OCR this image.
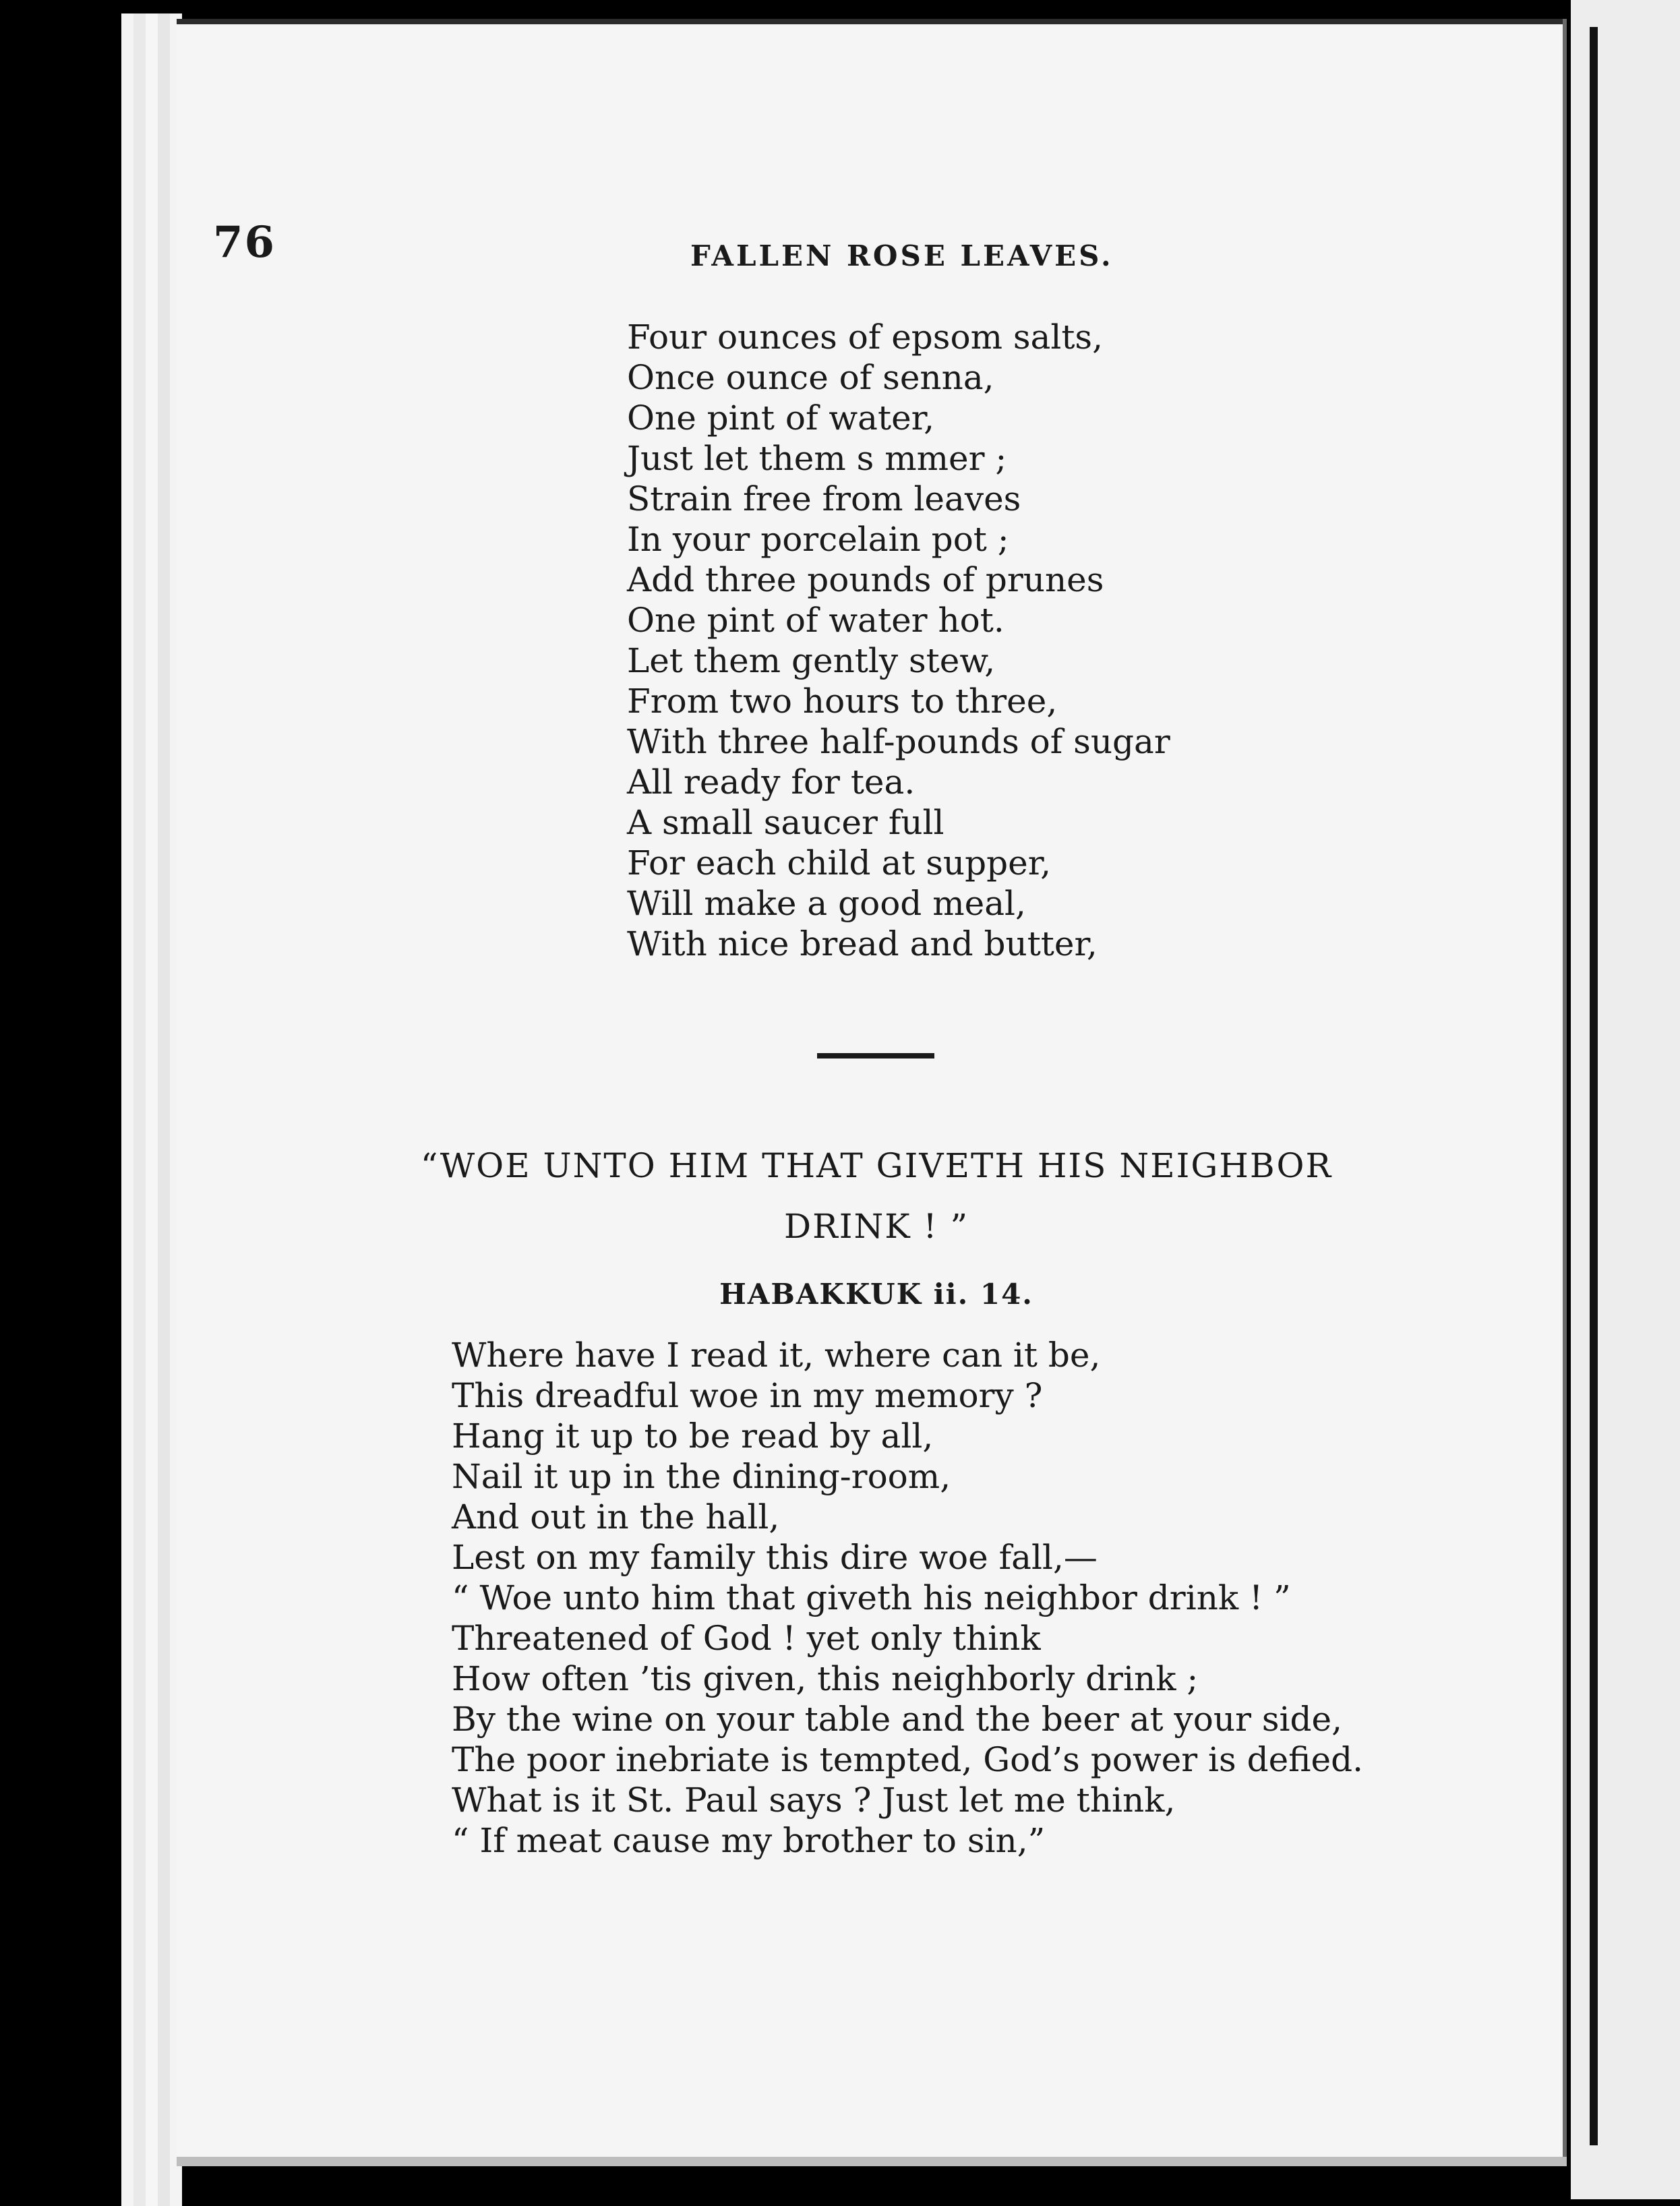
76	FALLEN ROSE LEAVES.
Four ounces of epsom salts,
Once ounce of senna,
One pint of water,
Just let them s mmer ;
Strain free from leaves
In your porcelain pot ;
Add three pounds of prunes
One pint of water hot.
Let them gently stew,
From two hours to three,
With three half-pounds of sugar
All ready for tea.
A small saucer full
For each child at supper,
Will make a good meal,
With nice bread and butter,
“WOE UNTO HIM THAT GIVETH HIS NEIGHBOR
DRINK ! ”
HABAKKUK ii. 14.
Where have I read it, where can it be,
This dreadful woe in my memory ?
Hang it up to be read by all,
Nail it up in the dining-room,
And out in the hall,
Lest on my family this dire woe fall,—
“ Woe unto him that giveth his neighbor drink ! ”
Threatened of God ! yet only think
How often ’tis given, this neighborly drink ;
By the wine on your table and the beer at your side,
The poor inebriate is tempted, God’s power is defied.
What is it St. Paul says ? Just let me think,
“ If meat cause my brother to sin,”
